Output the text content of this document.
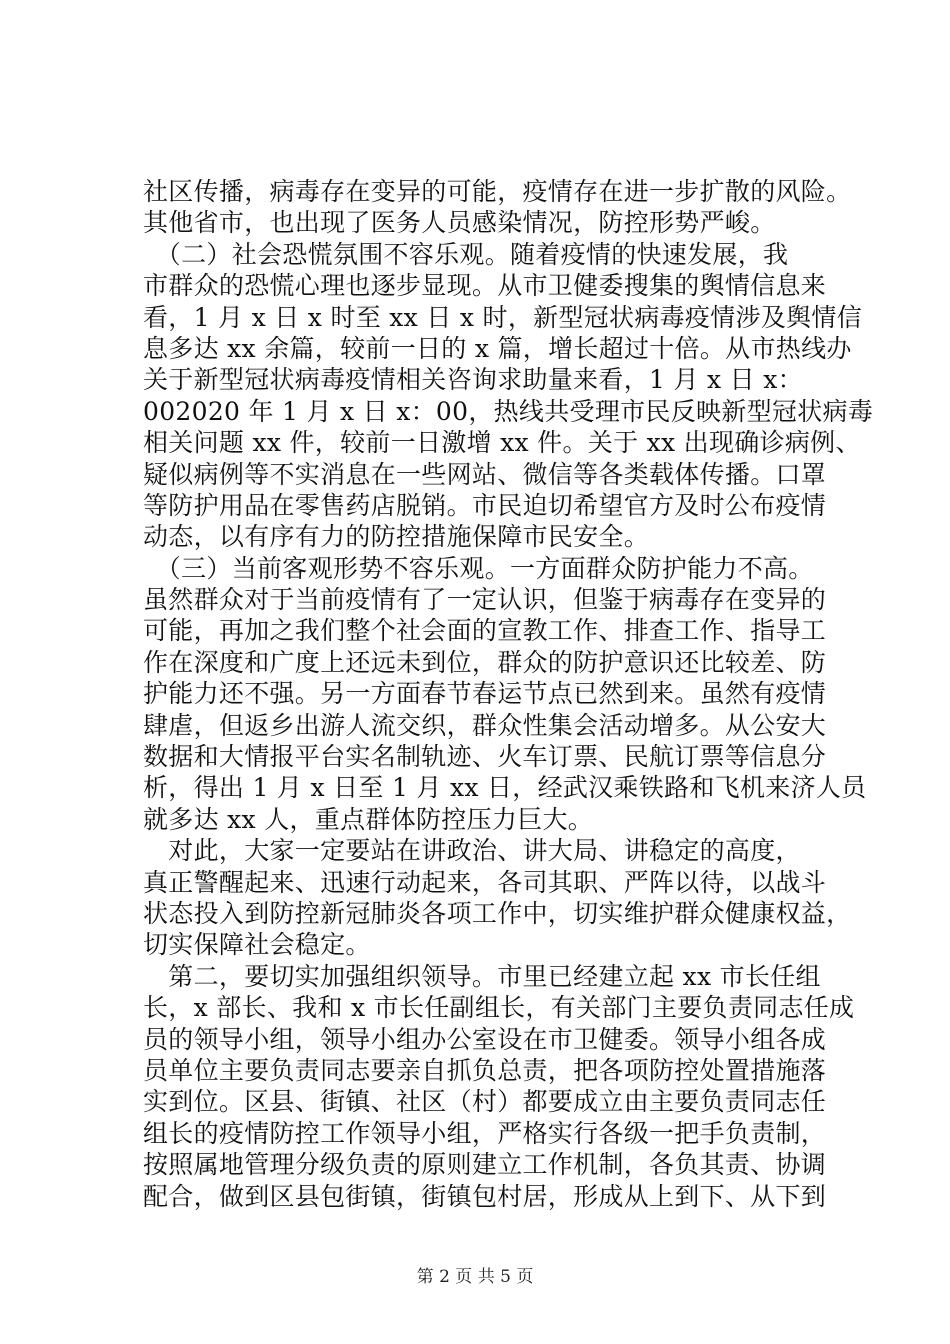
社区传播，病毒存在变异的可能，疫情存在进一步扩散的风险。
其他省市，也出现了医务人员感染情况，防控形势严峻。
　（二）社会恐慌氛围不容乐观。随着疫情的快速发展，我
市群众的恐慌心理也逐步显现。从市卫健委搜集的舆情信息来
看，1 月 x 日 x 时至 xx 日 x 时，新型冠状病毒疫情涉及舆情信
息多达 xx 余篇，较前一日的 x 篇，增长超过十倍。从市热线办
关于新型冠状病毒疫情相关咨询求助量来看，1 月 x 日 x：
002020 年 1 月 x 日 x：00，热线共受理市民反映新型冠状病毒
相关问题 xx 件，较前一日激增 xx 件。关于 xx 出现确诊病例、
疑似病例等不实消息在一些网站、微信等各类载体传播。口罩
等防护用品在零售药店脱销。市民迫切希望官方及时公布疫情
动态，以有序有力的防控措施保障市民安全。
　（三）当前客观形势不容乐观。一方面群众防护能力不高。
虽然群众对于当前疫情有了一定认识，但鉴于病毒存在变异的
可能，再加之我们整个社会面的宣教工作、排查工作、指导工
作在深度和广度上还远未到位，群众的防护意识还比较差、防
护能力还不强。另一方面春节春运节点已然到来。虽然有疫情
肆虐，但返乡出游人流交织，群众性集会活动增多。从公安大
数据和大情报平台实名制轨迹、火车订票、民航订票等信息分
析，得出 1 月 x 日至 1 月 xx 日，经武汉乘铁路和飞机来济人员
就多达 xx 人，重点群体防控压力巨大。
　对此，大家一定要站在讲政治、讲大局、讲稳定的高度，
真正警醒起来、迅速行动起来，各司其职、严阵以待，以战斗
状态投入到防控新冠肺炎各项工作中，切实维护群众健康权益，
切实保障社会稳定。
　第二，要切实加强组织领导。市里已经建立起 xx 市长任组
长，x 部长、我和 x 市长任副组长，有关部门主要负责同志任成
员的领导小组，领导小组办公室设在市卫健委。领导小组各成
员单位主要负责同志要亲自抓负总责，把各项防控处置措施落
实到位。区县、街镇、社区（村）都要成立由主要负责同志任
组长的疫情防控工作领导小组，严格实行各级一把手负责制，
按照属地管理分级负责的原则建立工作机制，各负其责、协调
配合，做到区县包街镇，街镇包村居，形成从上到下、从下到
第 2 页 共 5 页
